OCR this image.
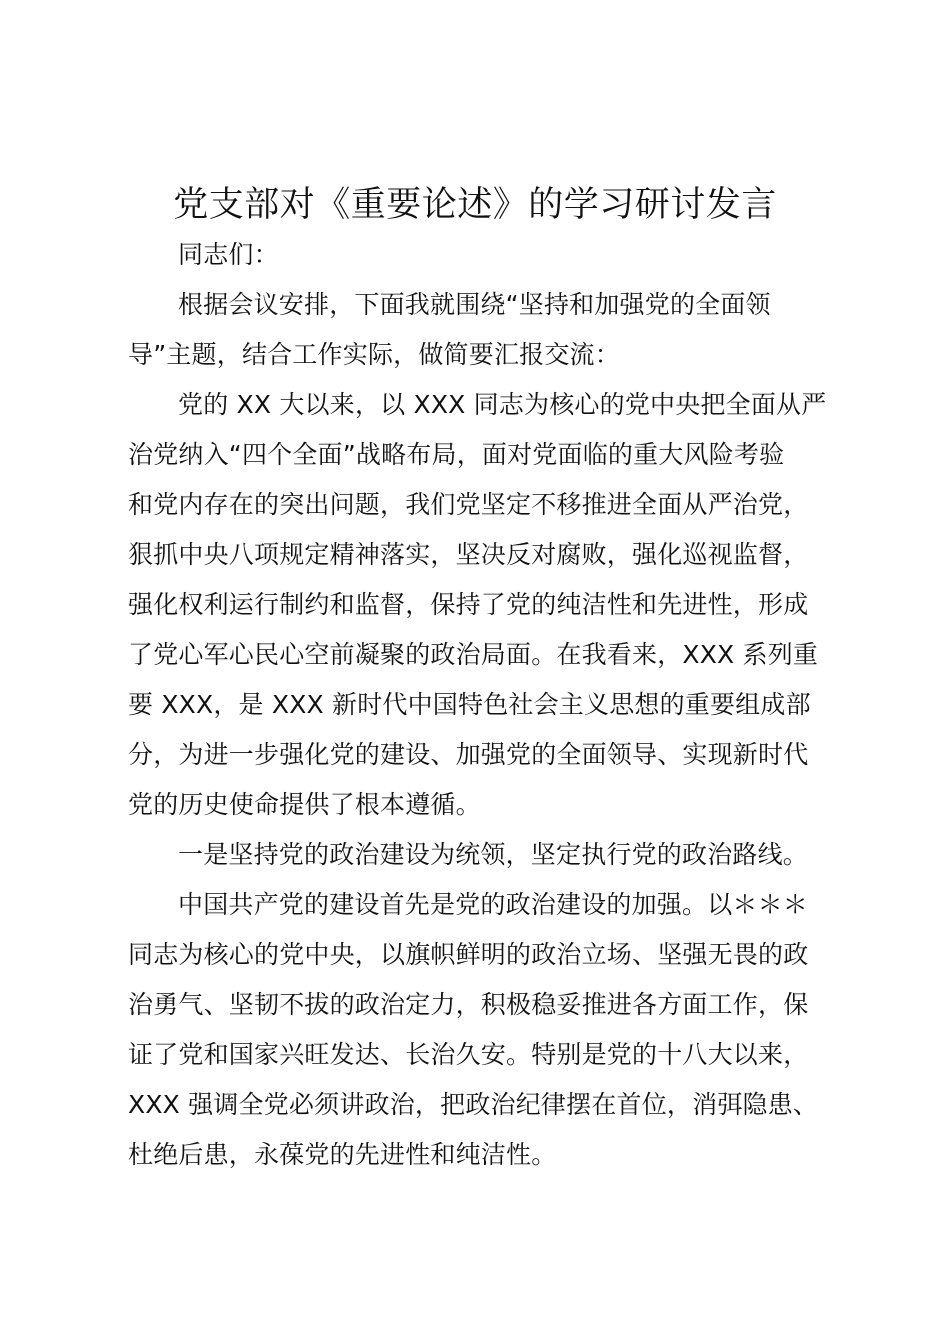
党支部对《重要论述》的学习研讨发言
同志们：
根据会议安排，下面我就围绕“坚持和加强党的全面领
导”主题，结合工作实际，做简要汇报交流：
党的 XX 大以来，以 XXX 同志为核心的党中央把全面从严
治党纳入“四个全面”战略布局，面对党面临的重大风险考验
和党内存在的突出问题，我们党坚定不移推进全面从严治党，
狠抓中央八项规定精神落实，坚决反对腐败，强化巡视监督，
强化权利运行制约和监督，保持了党的纯洁性和先进性，形成
了党心军心民心空前凝聚的政治局面。在我看来，XXX 系列重
要 XXX，是 XXX 新时代中国特色社会主义思想的重要组成部
分，为进一步强化党的建设、加强党的全面领导、实现新时代
党的历史使命提供了根本遵循。
一是坚持党的政治建设为统领，坚定执行党的政治路线。
中国共产党的建设首先是党的政治建设的加强。以＊＊＊
同志为核心的党中央，以旗帜鲜明的政治立场、坚强无畏的政
治勇气、坚韧不拔的政治定力，积极稳妥推进各方面工作，保
证了党和国家兴旺发达、长治久安。特别是党的十八大以来，
XXX 强调全党必须讲政治，把政治纪律摆在首位，消弭隐患、
杜绝后患，永葆党的先进性和纯洁性。
